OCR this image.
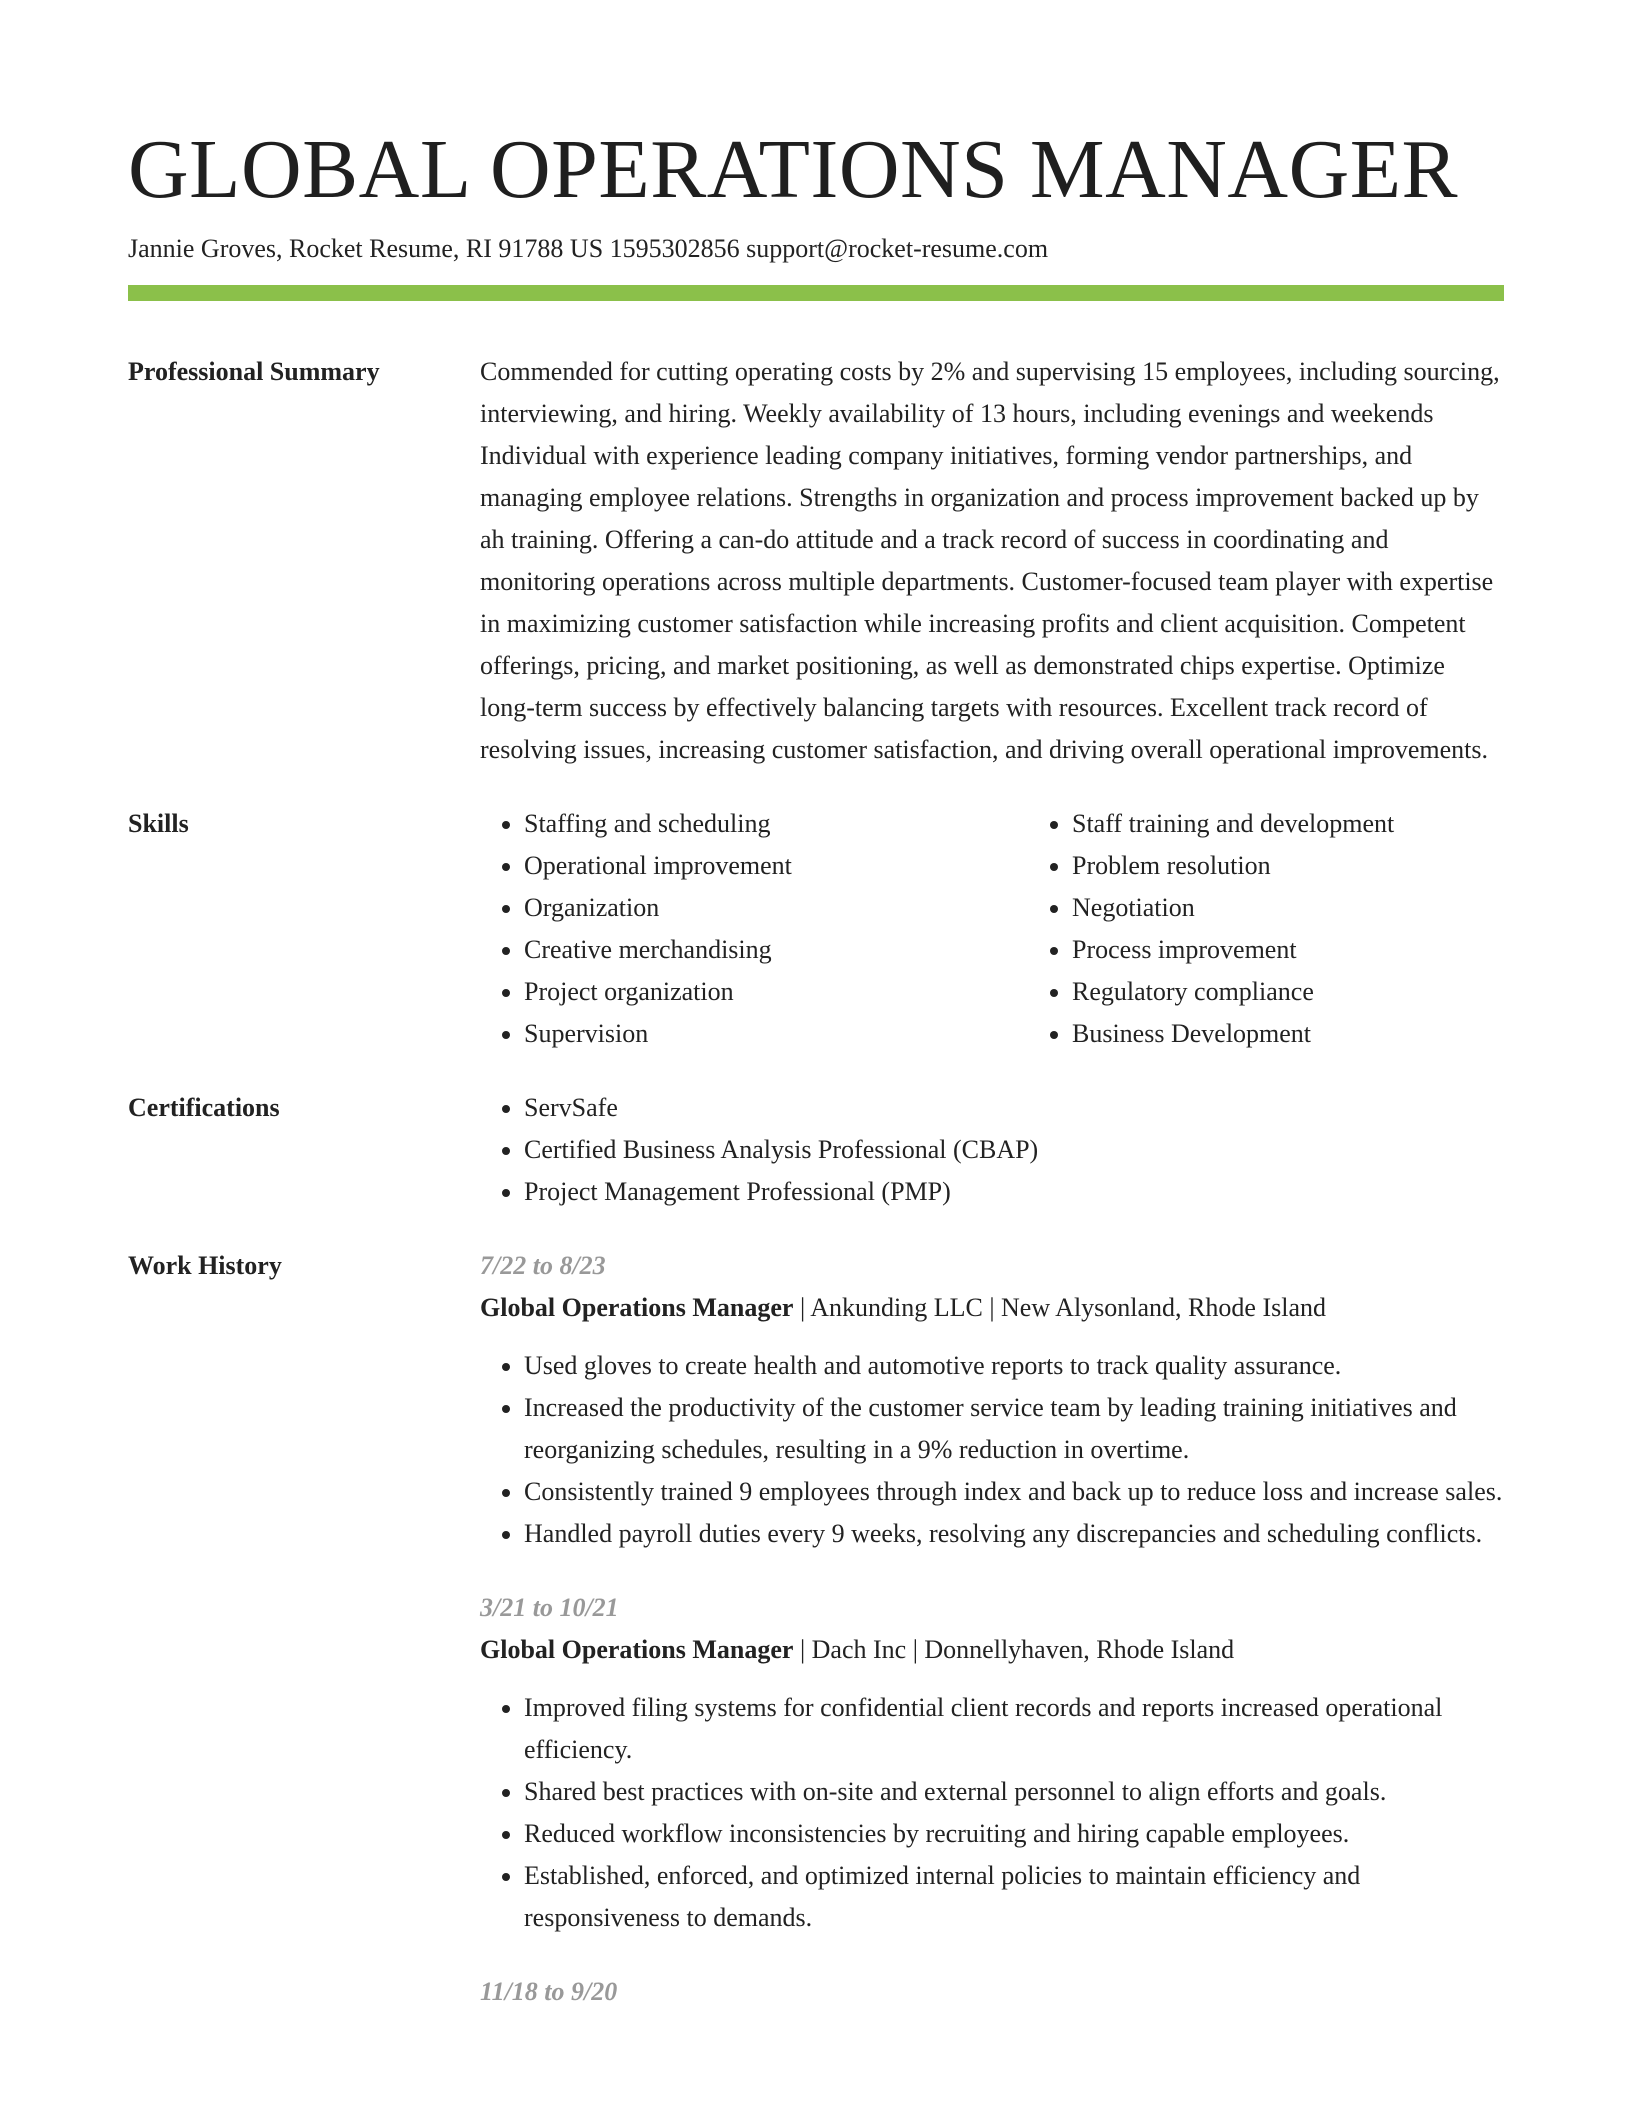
GLOBAL OPERATIONS MANAGER
Jannie Groves, Rocket Resume, RI 91788 US 1595302856 support@rocket-resume.com
Professional Summary	Commended for cutting operating costs by 2% and supervising 15 employees, including sourcing, interviewing, and hiring. Weekly availability of 13 hours, including evenings and weekends Individual with experience leading company initiatives, forming vendor partnerships, and managing employee relations. Strengths in organization and process improvement backed up by ah training. Offering a can-do attitude and a track record of success in coordinating and monitoring operations across multiple departments. Customer-focused team player with expertise in maximizing customer satisfaction while increasing profits and client acquisition. Competent offerings, pricing, and market positioning, as well as demonstrated chips expertise. Optimize long-term success by effectively balancing targets with resources. Excellent track record of resolving issues, increasing customer satisfaction, and driving overall operational improvements.
Skills	• Staffing and scheduling
• Operational improvement
• Organization
• Creative merchandising
• Project organization
• Supervision
• Staff training and development
• Problem resolution
• Negotiation
• Process improvement
• Regulatory compliance
• Business Development
Certifications	• ServSafe
• Certified Business Analysis Professional (CBAP)
• Project Management Professional (PMP)
Work History	7/22 to 8/23
Global Operations Manager | Ankunding LLC | New Alysonland, Rhode Island
• Used gloves to create health and automotive reports to track quality assurance.
• Increased the productivity of the customer service team by leading training initiatives and reorganizing schedules, resulting in a 9% reduction in overtime.
• Consistently trained 9 employees through index and back up to reduce loss and increase sales.
• Handled payroll duties every 9 weeks, resolving any discrepancies and scheduling conflicts.
3/21 to 10/21
Global Operations Manager | Dach Inc | Donnellyhaven, Rhode Island
• Improved filing systems for confidential client records and reports increased operational efficiency.
• Shared best practices with on-site and external personnel to align efforts and goals.
• Reduced workflow inconsistencies by recruiting and hiring capable employees.
• Established, enforced, and optimized internal policies to maintain efficiency and responsiveness to demands.
11/18 to 9/20
